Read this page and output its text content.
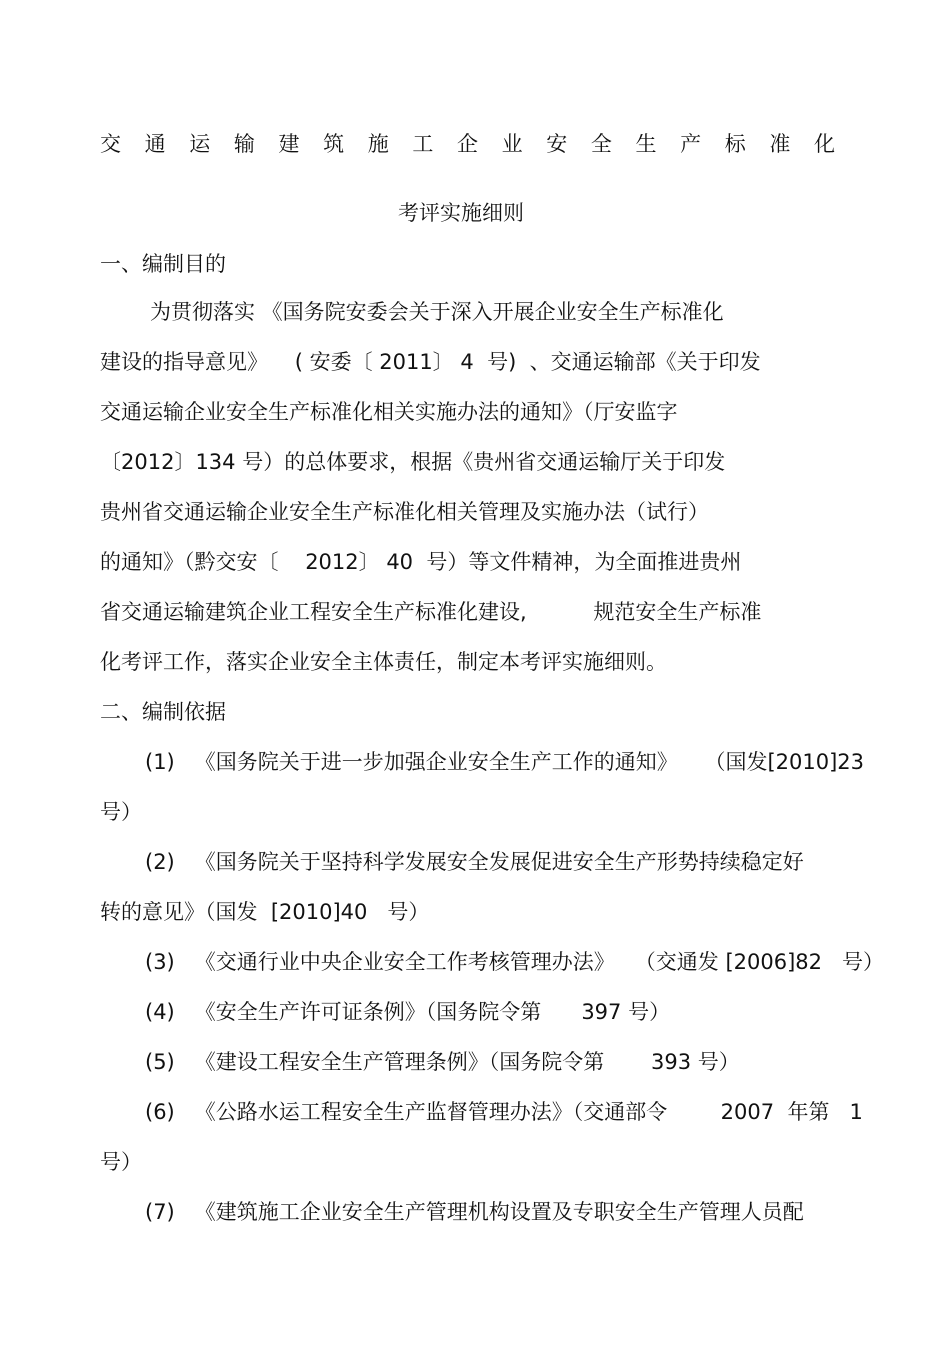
交 通 运 输 建 筑 施 工 企 业 安 全 生 产 标 准 化
考评实施细则
一、编制目的
为贯彻落实 《国务院安委会关于深入开展企业安全生产标准化
建设的指导意见》    ( 安委〔 2011〕 4  号)  、交通运输部《关于印发
交通运输企业安全生产标准化相关实施办法的通知》（厅安监字
〔2012〕134 号）的总体要求，根据《贵州省交通运输厅关于印发
贵州省交通运输企业安全生产标准化相关管理及实施办法（试行）
的通知》（黔交安〔    2012〕 40  号）等文件精神，为全面推进贵州
省交通运输建筑企业工程安全生产标准化建设,          规范安全生产标准
化考评工作，落实企业安全主体责任，制定本考评实施细则。
二、编制依据
(1)   《国务院关于进一步加强企业安全生产工作的通知》    （国发[2010]23
号）
(2)   《国务院关于坚持科学发展安全发展促进安全生产形势持续稳定好
转的意见》（国发  [2010]40   号）
(3)   《交通行业中央企业安全工作考核管理办法》   （交通发 [2006]82   号）
(4)   《安全生产许可证条例》（国务院令第      397 号）
(5)   《建设工程安全生产管理条例》（国务院令第       393 号）
(6)   《公路水运工程安全生产监督管理办法》（交通部令        2007  年第   1
号）
(7)   《建筑施工企业安全生产管理机构设置及专职安全生产管理人员配
